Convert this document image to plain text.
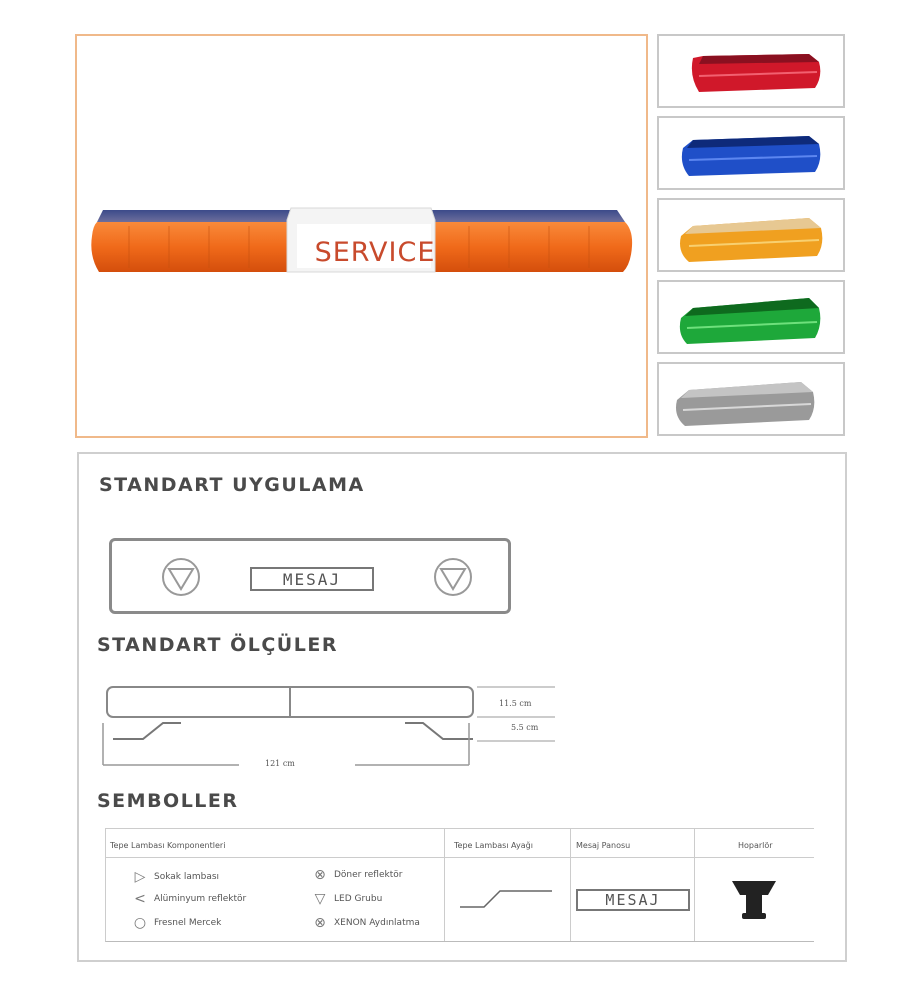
SERVICE
STANDART UYGULAMA
MESAJ
STANDART ÖLÇÜLER
11.5 cm
5.5 cm
121 cm
SEMBOLLER
Tepe Lambası Komponentleri	Tepe Lambası Ayağı	Mesaj Panosu
MESAJ
Hoparlör
▷ Sokak lambası
< Alüminyum reflektör
○ Fresnel Mercek
⊗ Döner reflektör
▽ LED Grubu
⊗ XENON Aydınlatma
